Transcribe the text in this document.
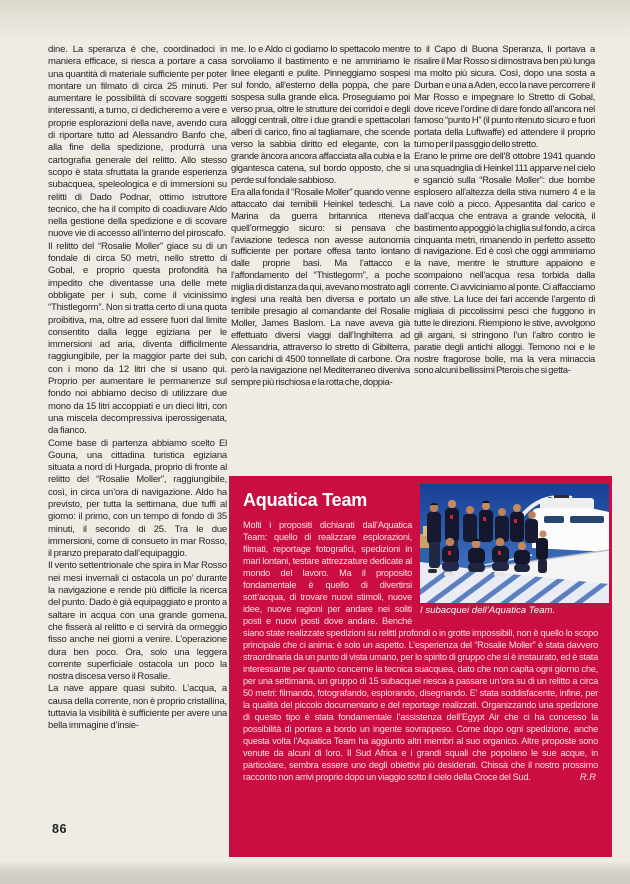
dine. La speranza è che, coordinadoci in maniera efficace, si riesca a portare a casa una quantità di materiale sufficiente per poter montare un filmato di circa 25 minuti. Per aumentare le possibilità di scovare soggetti interessanti, a turno, ci dedicheremo a vere e proprie esplorazioni della nave, avendo cura di riportare tutto ad Alessandro Banfo che, alla fine della spedizione, produrrà una cartografia generale del relitto. Allo stesso scopo è stata sfruttata la grande esperienza subacquea, speleologica e di immersioni su relitti di Dado Podnar, ottimo istruttore tecnico, che ha il compito di coadiuvare Aldo nella gestione della spedizione e di scovare nuove vie di accesso all’interno del piroscafo.

Il relitto del “Rosalie Moller” giace su di un fondale di circa 50 metri, nello stretto di Gobal, e proprio questa profondità ha impedito che diventasse una delle mete obbligate per i sub, come il vicinissimo “Thistlegorm”. Non si tratta certo di una quota proibitiva, ma, oltre ad essere fuori dal limite consentito dalla legge egiziana per le immersioni ad aria, diventa difficilmente raggiungibile, per la maggior parte dei sub, con i mono da 12 litri che si usano qui. Proprio per aumentare le permanenze sul fondo noi abbiamo deciso di utilizzare due mono da 15 litri accoppiati e un dieci litri, con una miscela decompressiva iperossigenata, da fianco.

Come base di partenza abbiamo scelto El Gouna, una cittadina turistica egiziana situata a nord di Hurgada, proprio di fronte al relitto del “Rosalie Moller”, raggiungibile, così, in circa un’ora di navigazione. Aldo ha previsto, per tutta la settimana, due tuffi al giorno: il primo, con un tempo di fondo di 35 minuti, il secondo di 25. Tra le due immersioni, come di consueto in mar Rosso, il pranzo preparato dall’equipaggio.

Il vento settentrionale che spira in Mar Rosso nei mesi invernali ci ostacola un po’ durante la navigazione e rende più difficile la ricerca del punto. Dado è già equipaggiato e pronto a saltare in acqua con una grande gomena, che fisserà al relitto e ci servirà da ormeggio fisso anche nei giorni a venire. L’operazione dura ben poco. Ora, solo una leggera corrente superficiale ostacola un poco la nostra discesa verso il Rosalie.

La nave appare quasi subito. L’acqua, a causa della corrente, non è proprio cristallina, tuttavia la visibilità è sufficiente per avere una bella immagine d’insie-

me. Io e Aldo ci godiamo lo spettacolo mentre sorvoliamo il bastimento e ne ammiriamo le linee eleganti e pulite. Pinneggiamo sospesi sul fondo, all’esterno della poppa, che pare sospesa sulla grande elica. Proseguiamo poi verso prua, oltre le strutture dei corridoi e degli alloggi centrali, oltre i due grandi e spettacolari alberi di carico, fino al tagliamare, che scende verso la sabbia diritto ed elegante, con la grande àncora ancora affacciata alla cubia e la gigantesca catena, sul bordo opposto, che si perde sul fondale sabbioso.

Era alla fonda il “Rosalie Moller” quando venne attaccato dai temibili Heinkel tedeschi. La Marina da guerra britannica riteneva quell’ormeggio sicuro: si pensava che l’aviazione tedesca non avesse autonomia sufficiente per portare offesa tanto lontano dalle proprie basi. Ma l’attacco e l’affondamento del “Thistlegorm”, a poche miglia di distanza da qui, avevano mostrato agli inglesi una realtà ben diversa e portato un terribile presagio al comandante del Rosalie Moller, James Baslom. La nave aveva già effettuato diversi viaggi dall’Inghilterra ad Alessandria, attraverso lo stretto di Gibilterra, con carichi di 4500 tonnellate di carbone. Ora però la navigazione nel Mediterraneo diveniva sempre più rischiosa e la rotta che, doppia-

to il Capo di Buona Speranza, li portava a risalire il Mar Rosso si dimostrava ben più lunga ma molto più sicura. Così, dopo una sosta a Durban e una a Aden, ecco la nave percorrere il Mar Rosso e impegnare lo Stretto di Gobal, dove riceve l’ordine di dare fondo all’ancora nel famoso “punto H” (il punto ritenuto sicuro e fuori portata della Luftwaffe) ed attendere il proprio turno per il passggio dello stretto.

Erano le prime ore dell’8 ottobre 1941 quando una squadriglia di Heinkel 111 apparve nel cielo e sganciò sulla “Rosalie Moller”: due bombe esplosero all’altezza della stiva numero 4 e la nave colò a picco. Appesantita dal carico e dall’acqua che entrava a grande velocità, il bastimento appoggiò la chiglia sul fondo, a circa cinquanta metri, rimanendo in perfetto assetto di navigazione. Ed è così che oggi ammiriamo la nave, mentre le strutture appaiono e scompaiono nell’acqua resa torbida dalla corrente. Ci avviciniamo al ponte. Ci affacciamo alle stive. La luce dei fari accende l’argento di migliaia di piccolissimi pesci che fuggono in tutte le direzioni. Riempiono le stive, avvolgono gli argani, si stringono l’un l’altro contro le paratie degli antichi alloggi. Temono noi e le nostre fragorose bolle, ma la vera minaccia sono alcuni bellissimi Pterois che si getta-

I subacquei dell’Aquatica Team.
Aquatica Team

Molti i propositi dichiarati dall’Aquatica Team: quello di realizzare esplorazioni, filmati, reportage fotografici, spedizioni in mari lontani, testare attrezzature dedicate al mondo del lavoro. Ma il proposito fondamentale è quello di divertirsi sott’acqua, di trovare nuovi stimoli, nuove idee, nuove ragioni per andare nei soliti posti e nuovi posti dove andare. Benché siano state realizzate spedizioni su relitti profondi o in grotte impossibili, non è quello lo scopo principale che ci anima: è solo un aspetto. L’esperienza del “Rosalie Moller” è stata davvero straordinaria da un punto di vista umano, per lo spirito di gruppo che si è instaurato, ed è stata interessante per quanto concerne la tecnica suacquea, dato che non capita ogni giorno che, per una settimana, un gruppo di 15 subacquei riesca a passare un’ora su di un relitto a circa 50 metri: filmando, fotografando, esplorando, disegnando. E’ stata soddisfacente, infine, per la qualità del piccolo documentario e del reportage realizzati. Organizzando una spedizione di questo tipo è stata fondamentale l’assistenza dell’Egypt Air che ci ha concesso la possibilità di portare a bordo un ingente sovrappeso. Come dopo ogni spedizione, anche questa volta l’Aquatica Team ha aggiunto altri membri al suo organico. Altre proposte sono venute da alcuni di loro. Il Sud Africa e i grandi squali che popolano le sue acque, in particolare, sembra essere uno degli obiettivi più desiderati. Chissà che il nostro prossimo racconto non arrivi proprio dopo un viaggio sotto il cielo della Croce del Sud.	R.R
86
